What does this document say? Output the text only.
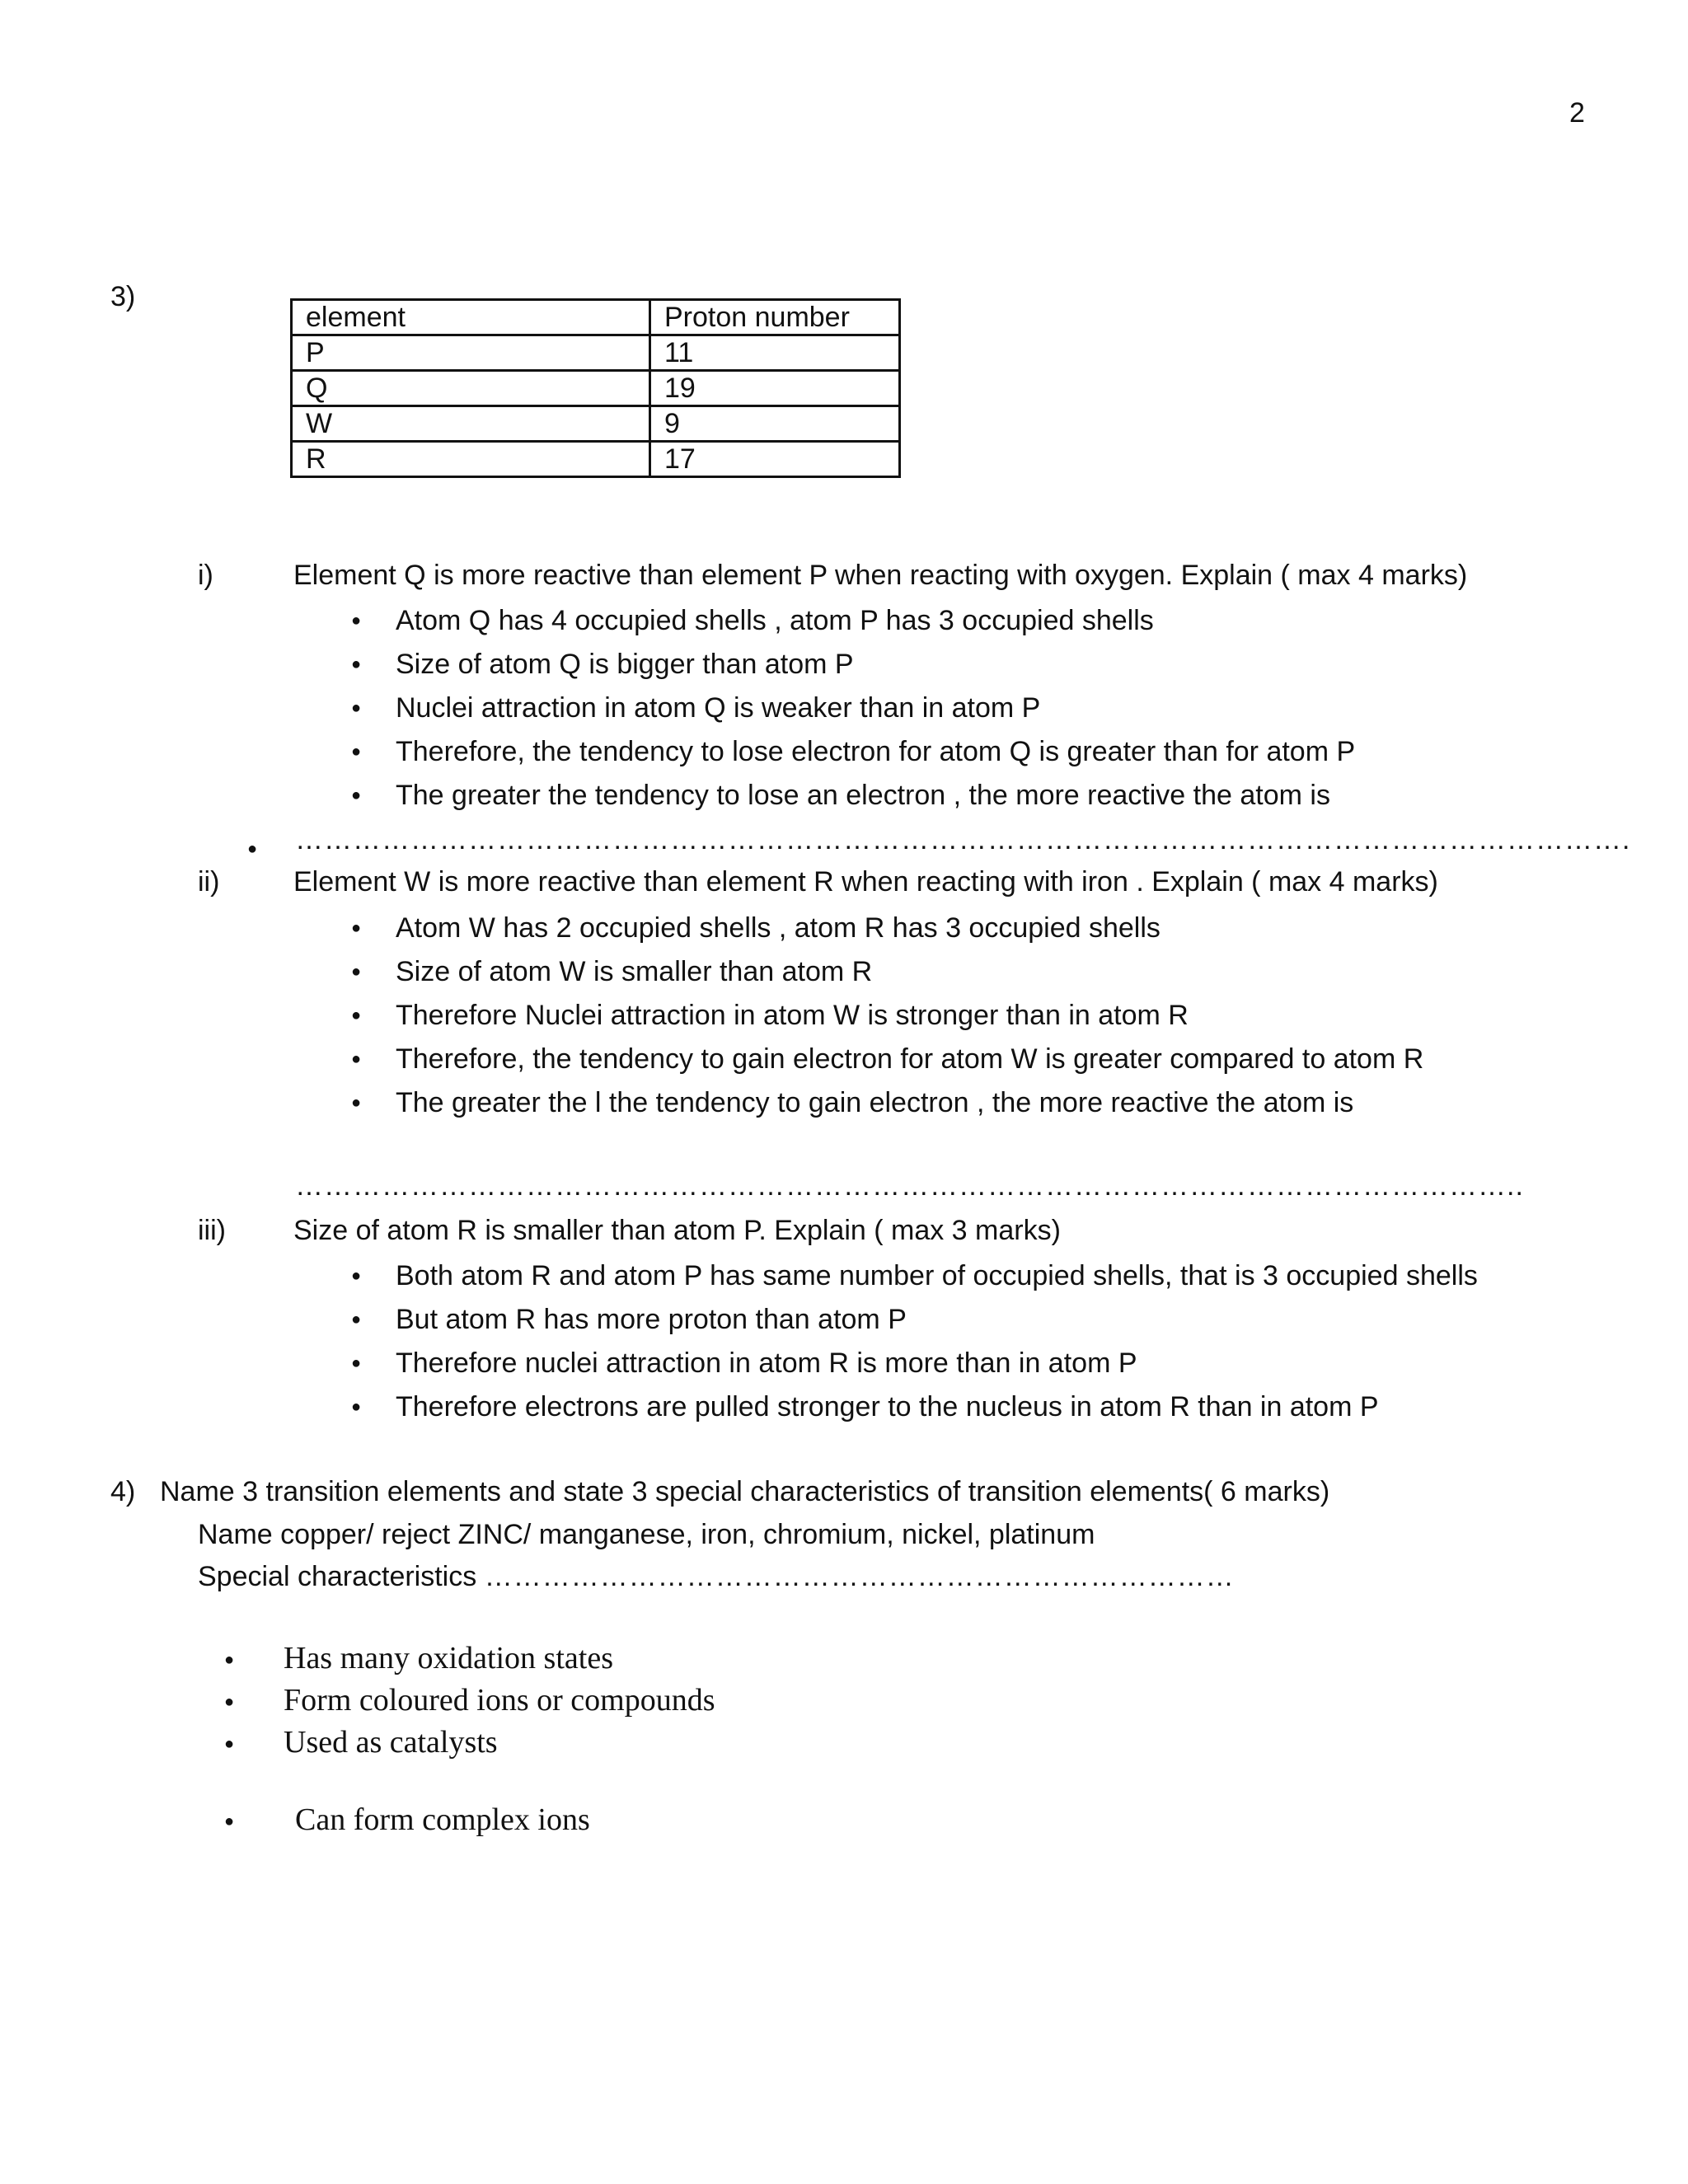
2
3)
element	Proton number
P	11
Q	19
W	9
R	17
i)	Element Q is more reactive than element P when reacting with oxygen. Explain ( max 4 marks)
● Atom Q has 4 occupied shells , atom P has 3 occupied shells
● Size of atom Q is bigger than atom P
● Nuclei attraction in atom Q is weaker than in atom P
● Therefore, the tendency to lose electron for atom Q is greater than for atom P
● The greater the tendency to lose an electron , the more reactive the atom is
● ………………………………………………………………………………………………………………………….
ii)	Element W is more reactive than element R when reacting with iron . Explain ( max 4 marks)
● Atom W has 2 occupied shells , atom R has 3 occupied shells
● Size of atom W is smaller than atom R
● Therefore Nuclei attraction in atom W is stronger than in atom R
● Therefore, the tendency to gain electron for atom W is greater compared to atom R
● The greater the l the tendency to gain electron , the more reactive the atom is
………………………………………………………………………………………………………………..
iii) Size of atom R is smaller than atom P. Explain ( max 3 marks)
● Both atom R and atom P has same number of occupied shells, that is 3 occupied shells
● But atom R has more proton than atom P
● Therefore nuclei attraction in atom R is more than in atom P
● Therefore electrons are pulled stronger to the nucleus in atom R than in atom P
4) Name 3 transition elements and state 3 special characteristics of transition elements( 6 marks)
Name copper/ reject ZINC/ manganese, iron, chromium, nickel, platinum
Special characteristics ……………………………………………………………………
● Has many oxidation states
● Form coloured ions or compounds
● Used as catalysts
● Can form complex ions
